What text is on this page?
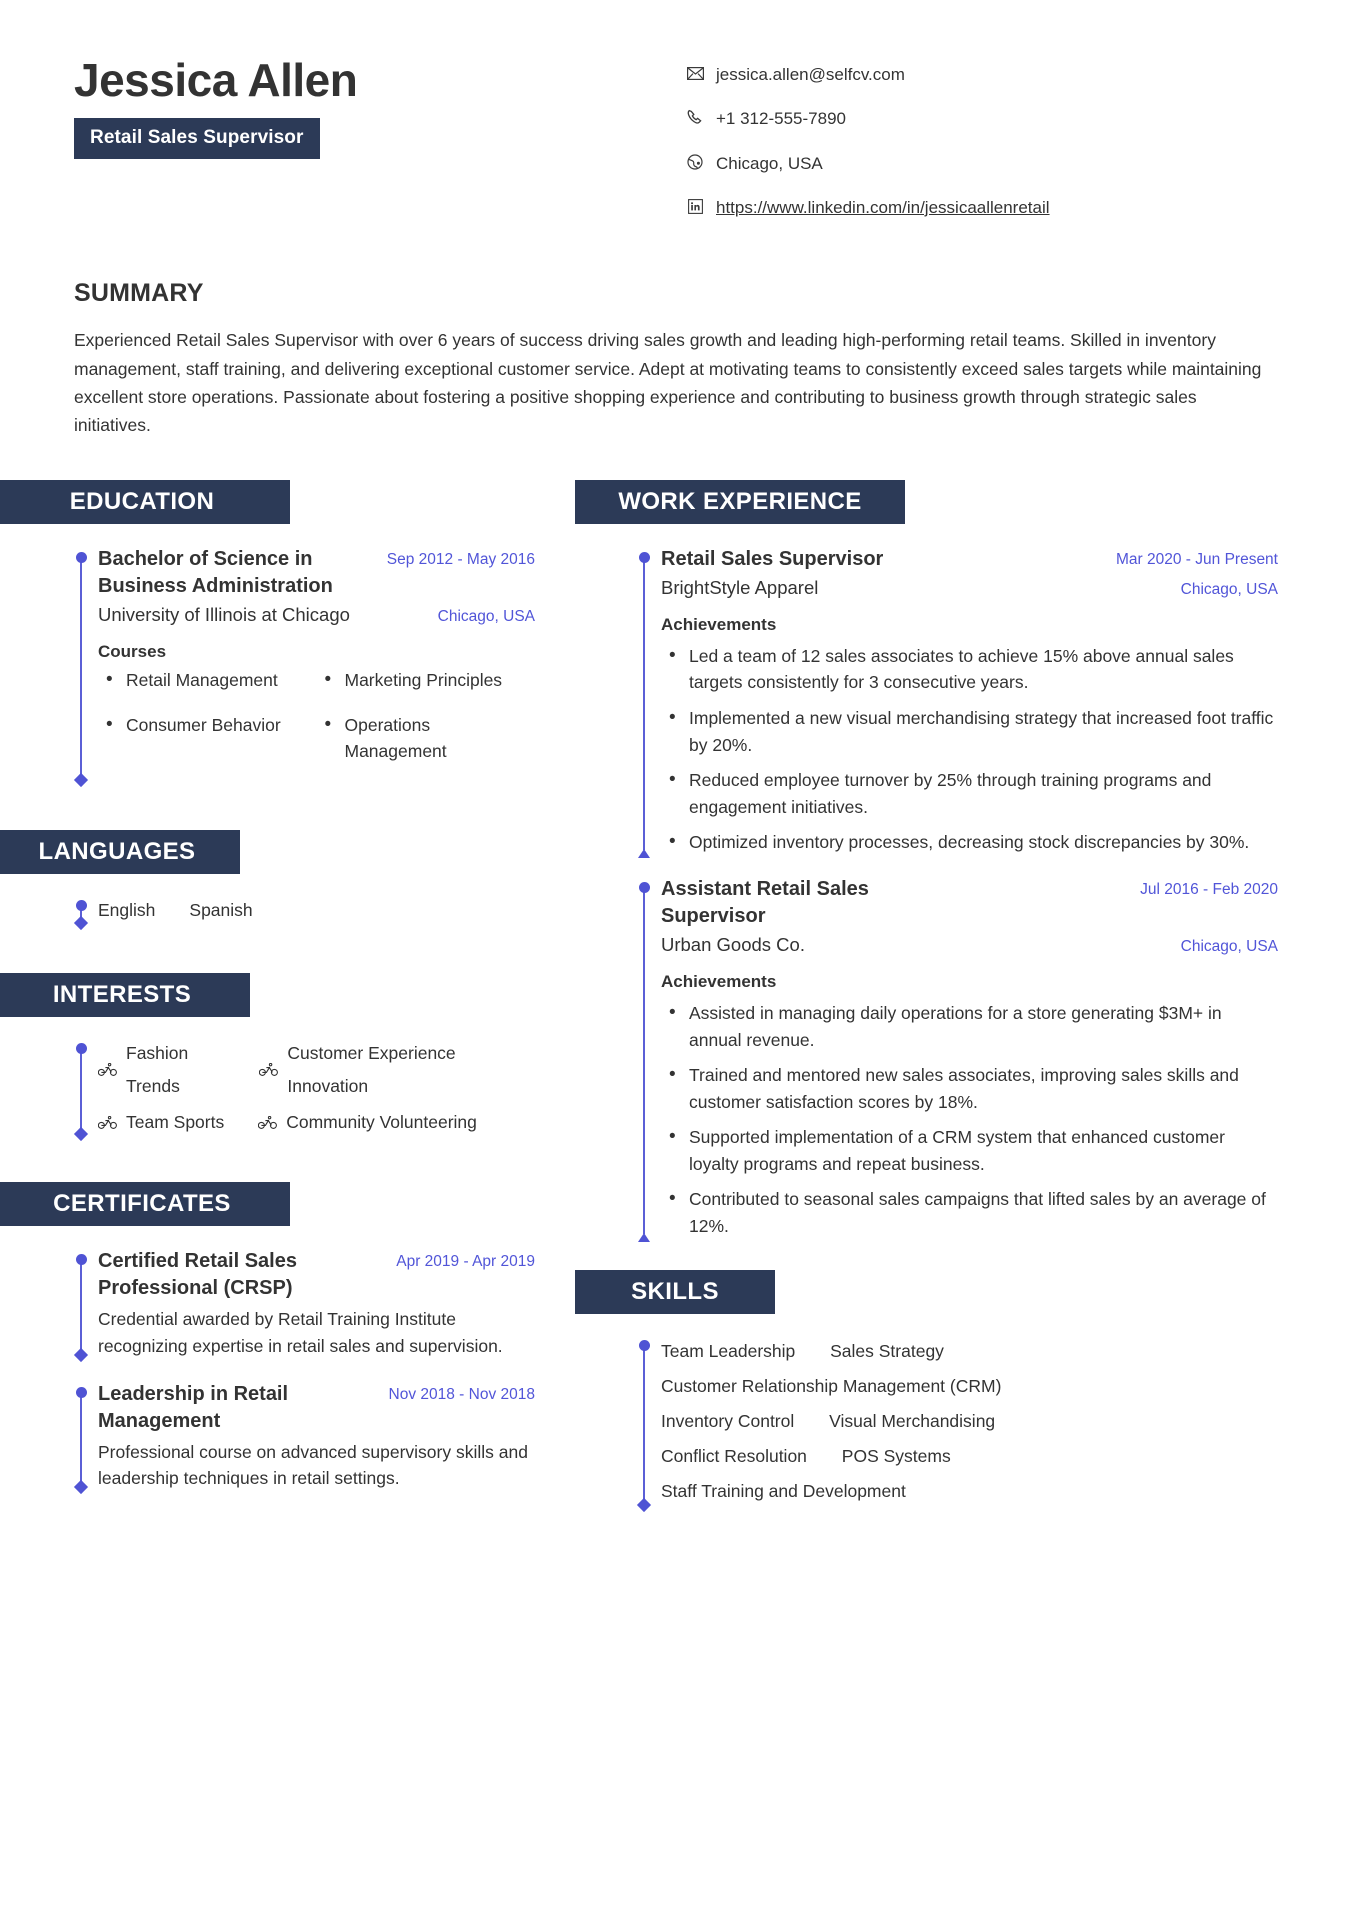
Jessica Allen
Retail Sales Supervisor
jessica.allen@selfcv.com
+1 312-555-7890
Chicago, USA
https://www.linkedin.com/in/jessicaallenretail
SUMMARY

Experienced Retail Sales Supervisor with over 6 years of success driving sales growth and leading high-performing retail teams. Skilled in inventory management, staff training, and delivering exceptional customer service. Adept at motivating teams to consistently exceed sales targets while maintaining excellent store operations. Passionate about fostering a positive shopping experience and contributing to business growth through strategic sales initiatives.

EDUCATION
Bachelor of Science in Business Administration
Sep 2012 - May 2016
University of Illinois at Chicago	Chicago, USA
Courses
• Retail Management
• Consumer Behavior
• Marketing Principles
• Operations Management
LANGUAGES
English Spanish
INTERESTS
Fashion Trends
Customer Experience Innovation
Team Sports	Community Volunteering
CERTIFICATES
Certified Retail Sales Professional (CRSP)
Apr 2019 - Apr 2019
Credential awarded by Retail Training Institute recognizing expertise in retail sales and supervision.
Leadership in Retail Management
Nov 2018 - Nov 2018
Professional course on advanced supervisory skills and leadership techniques in retail settings.
WORK EXPERIENCE
Retail Sales Supervisor	Mar 2020 - Jun Present
BrightStyle Apparel	Chicago, USA
Achievements
• Led a team of 12 sales associates to achieve 15% above annual sales targets consistently for 3 consecutive years.
• Implemented a new visual merchandising strategy that increased foot traffic by 20%.
• Reduced employee turnover by 25% through training programs and engagement initiatives.
• Optimized inventory processes, decreasing stock discrepancies by 30%.
Assistant Retail Sales Supervisor
Jul 2016 - Feb 2020
Urban Goods Co.	Chicago, USA
Achievements
• Assisted in managing daily operations for a store generating $3M+ in annual revenue.
• Trained and mentored new sales associates, improving sales skills and customer satisfaction scores by 18%.
• Supported implementation of a CRM system that enhanced customer loyalty programs and repeat business.
• Contributed to seasonal sales campaigns that lifted sales by an average of 12%.
SKILLS
Team Leadership Sales Strategy
Customer Relationship Management (CRM)
Inventory Control Visual Merchandising
Conflict Resolution POS Systems
Staff Training and Development
